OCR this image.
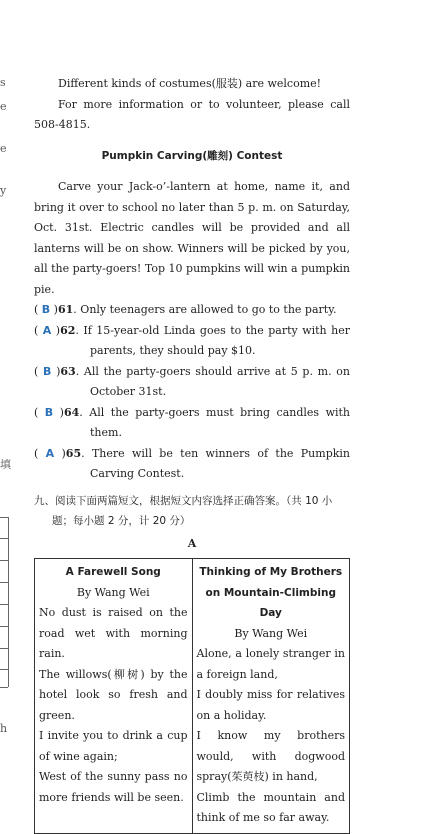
s
e
e
y
填
h

Different kinds of costumes(服装) are welcome!

For more information or to volunteer, please call 508-4815.

Pumpkin Carving(雕刻) Contest

Carve your Jack-o’-lantern at home, name it, and bring it over to school no later than 5 p. m. on Saturday, Oct. 31st. Electric candles will be provided and all lanterns will be on show. Winners will be picked by you, all the party-goers! Top 10 pumpkins will win a pumpkin pie.

( B )61. Only teenagers are allowed to go to the party.

( A )62. If 15-year-old Linda goes to the party with her parents, they should pay $10.

( B )63. All the party-goers should arrive at 5 p. m. on October 31st.

( B )64. All the party-goers must bring candles with them.

( A )65. There will be ten winners of the Pumpkin Carving Contest.

九、阅读下面两篇短文，根据短文内容选择正确答案。（共 10 小题；每小题 2 分，计 20 分）

A

A Farewell Song
By Wang Wei

No dust is raised on the road wet with morning rain.

The willows(柳树) by the hotel look so fresh and green.

I invite you to drink a cup of wine again;

West of the sunny pass no more friends will be seen.

Thinking of My Brothers on Mountain-Climbing Day
By Wang Wei

Alone, a lonely stranger in a foreign land,

I doubly miss for relatives on a holiday.

I know my brothers would, with dogwood spray(茱萸枝) in hand,

Climb the mountain and think of me so far away.
